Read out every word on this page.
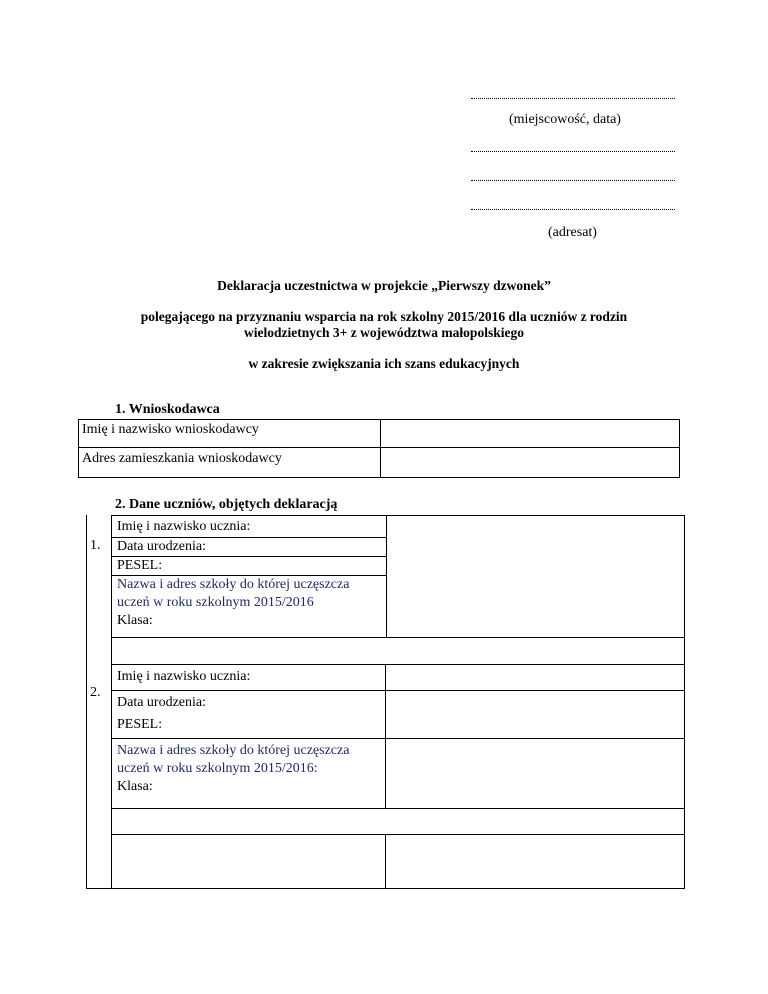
(miejscowość, data)
(adresat)
Deklaracja uczestnictwa w projekcie „Pierwszy dzwonek”
polegającego na przyznaniu wsparcia na rok szkolny 2015/2016 dla uczniów z rodzin
wielodzietnych 3+ z województwa małopolskiego
w zakresie zwiększania ich szans edukacyjnych
1. Wnioskodawca
Imię i nazwisko wnioskodawcy
Adres zamieszkania wnioskodawcy
2. Dane uczniów, objętych deklaracją
1.
Imię i nazwisko ucznia:
Data urodzenia:
PESEL:
Nazwa i adres szkoły do której uczęszcza
uczeń w roku szkolnym 2015/2016
Klasa:
2.
Imię i nazwisko ucznia:
Data urodzenia:
PESEL:
Nazwa i adres szkoły do której uczęszcza
uczeń w roku szkolnym 2015/2016:
Klasa:
